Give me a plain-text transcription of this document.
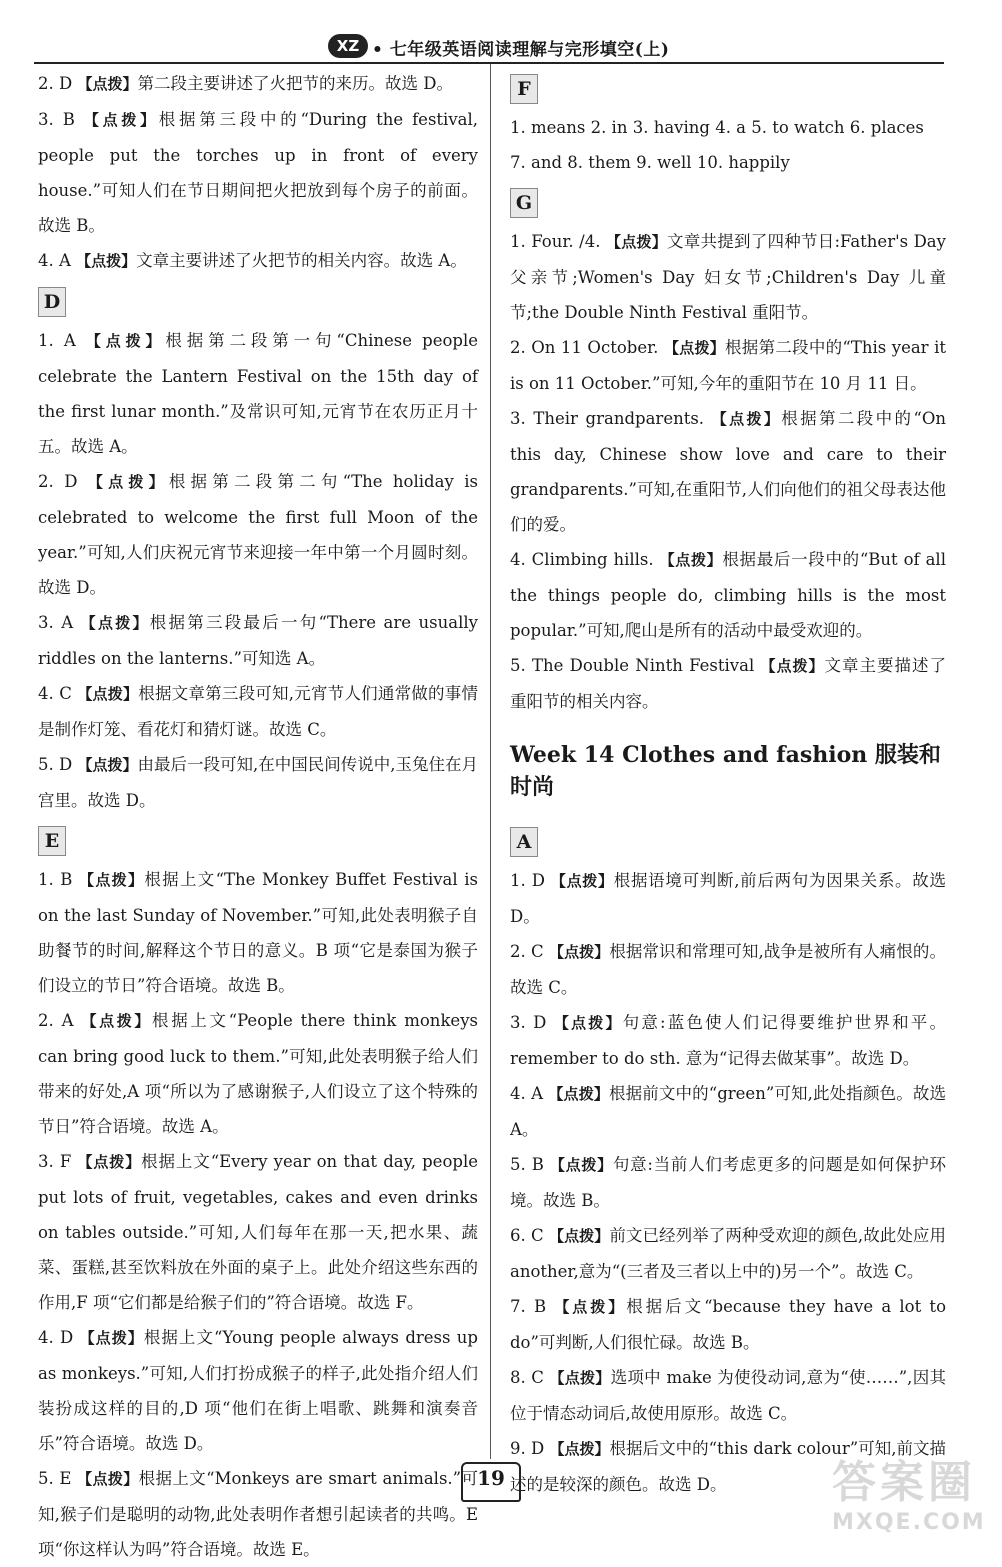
XZ • 七年级英语阅读理解与完形填空(上)

2. D 【点拨】第二段主要讲述了火把节的来历。故选 D。

3. B 【点拨】根据第三段中的“During the festival, people put the torches up in front of every house.”可知人们在节日期间把火把放到每个房子的前面。故选 B。

4. A 【点拨】文章主要讲述了火把节的相关内容。故选 A。

D

1. A 【点拨】根据第二段第一句“Chinese people celebrate the Lantern Festival on the 15th day of the first lunar month.”及常识可知,元宵节在农历正月十五。故选 A。

2. D 【点拨】根据第二段第二句“The holiday is celebrated to welcome the first full Moon of the year.”可知,人们庆祝元宵节来迎接一年中第一个月圆时刻。故选 D。

3. A 【点拨】根据第三段最后一句“There are usually riddles on the lanterns.”可知选 A。

4. C 【点拨】根据文章第三段可知,元宵节人们通常做的事情是制作灯笼、看花灯和猜灯谜。故选 C。

5. D 【点拨】由最后一段可知,在中国民间传说中,玉兔住在月宫里。故选 D。

E

1. B 【点拨】根据上文“The Monkey Buffet Festival is on the last Sunday of November.”可知,此处表明猴子自助餐节的时间,解释这个节日的意义。B 项“它是泰国为猴子们设立的节日”符合语境。故选 B。

2. A 【点拨】根据上文“People there think monkeys can bring good luck to them.”可知,此处表明猴子给人们带来的好处,A 项“所以为了感谢猴子,人们设立了这个特殊的节日”符合语境。故选 A。

3. F 【点拨】根据上文“Every year on that day, people put lots of fruit, vegetables, cakes and even drinks on tables outside.”可知,人们每年在那一天,把水果、蔬菜、蛋糕,甚至饮料放在外面的桌子上。此处介绍这些东西的作用,F 项“它们都是给猴子们的”符合语境。故选 F。

4. D 【点拨】根据上文“Young people always dress up as monkeys.”可知,人们打扮成猴子的样子,此处指介绍人们装扮成这样的目的,D 项“他们在街上唱歌、跳舞和演奏音乐”符合语境。故选 D。

5. E 【点拨】根据上文“Monkeys are smart animals.”可知,猴子们是聪明的动物,此处表明作者想引起读者的共鸣。E 项“你这样认为吗”符合语境。故选 E。

F

1. means 2. in 3. having 4. a 5. to watch 6. places

7. and 8. them 9. well 10. happily

G

1. Four. /4. 【点拨】文章共提到了四种节日:Father's Day 父亲节;Women's Day 妇女节;Children's Day 儿童节;the Double Ninth Festival 重阳节。

2. On 11 October. 【点拨】根据第二段中的“This year it is on 11 October.”可知,今年的重阳节在 10 月 11 日。

3. Their grandparents. 【点拨】根据第二段中的“On this day, Chinese show love and care to their grandparents.”可知,在重阳节,人们向他们的祖父母表达他们的爱。

4. Climbing hills. 【点拨】根据最后一段中的“But of all the things people do, climbing hills is the most popular.”可知,爬山是所有的活动中最受欢迎的。

5. The Double Ninth Festival 【点拨】文章主要描述了重阳节的相关内容。

Week 14 Clothes and fashion 服装和时尚
A

1. D 【点拨】根据语境可判断,前后两句为因果关系。故选 D。

2. C 【点拨】根据常识和常理可知,战争是被所有人痛恨的。故选 C。

3. D 【点拨】句意:蓝色使人们记得要维护世界和平。remember to do sth. 意为“记得去做某事”。故选 D。

4. A 【点拨】根据前文中的“green”可知,此处指颜色。故选 A。

5. B 【点拨】句意:当前人们考虑更多的问题是如何保护环境。故选 B。

6. C 【点拨】前文已经列举了两种受欢迎的颜色,故此处应用 another,意为“(三者及三者以上中的)另一个”。故选 C。

7. B 【点拨】根据后文“because they have a lot to do”可判断,人们很忙碌。故选 B。

8. C 【点拨】选项中 make 为使役动词,意为“使……”,因其位于情态动词后,故使用原形。故选 C。

9. D 【点拨】根据后文中的“this dark colour”可知,前文描述的是较深的颜色。故选 D。

19	答案圈
MXQE.COM
